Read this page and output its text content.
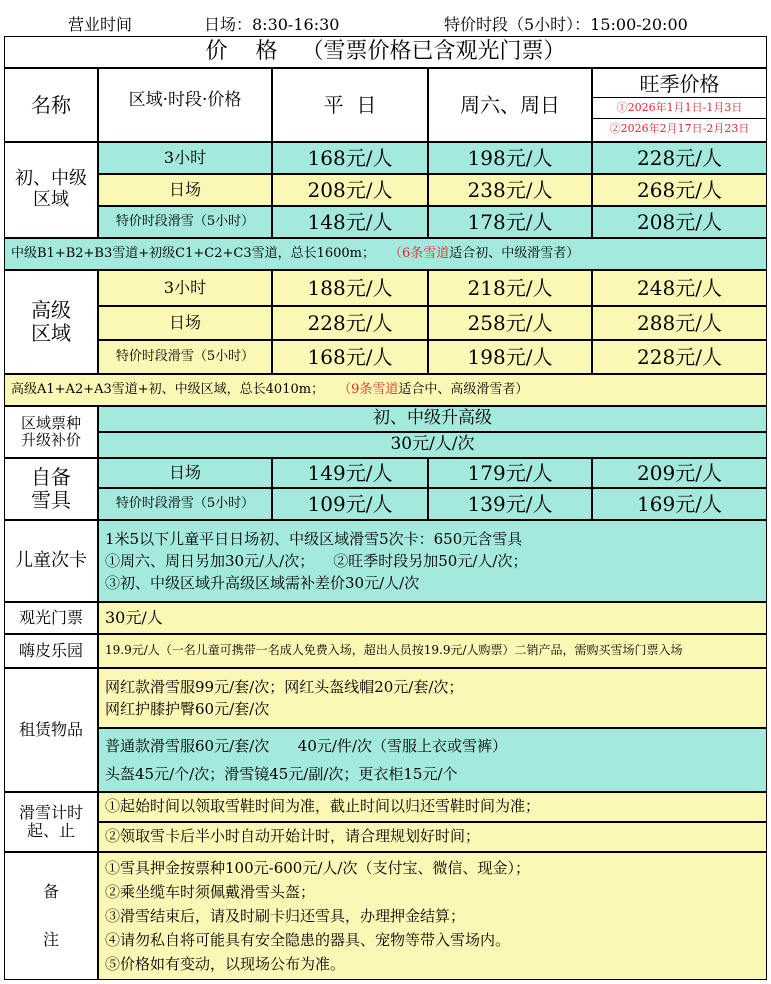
营业时间	日场：8:30-16:30	特价时段（5小时）：15:00-20:00
价    格 （雪票价格已含观光门票）
名称	区域·时段·价格	平  日	周六、周日
旺季价格
①2026年1月1日-1月3日
②2026年2月17日-2月23日
初、中级
区域
3小时	168元/人	198元/人	228元/人
日场	208元/人	238元/人	268元/人
特价时段滑雪（5小时）	148元/人	178元/人	208元/人
中级B1+B2+B3雪道+初级C1+C2+C3雪道，总长1600m； （6条雪道 适合初、中级滑雪者）
高级
区域
3小时	188元/人	218元/人	248元/人
日场	228元/人	258元/人	288元/人
特价时段滑雪（5小时）	168元/人	198元/人	228元/人
高级A1+A2+A3雪道+初、中级区域，总长4010m； （9条雪道 适合中、高级滑雪者）
区域票种
升级补价
初、中级升高级
30元/人/次
自备
雪具
日场	149元/人	179元/人	209元/人
特价时段滑雪（5小时）	109元/人	139元/人	169元/人
儿童次卡
1米5以下儿童平日日场初、中级区域滑雪5次卡：650元含雪具
①周六、周日另加30元/人/次；    ②旺季时段另加50元/人/次；
③初、中级区域升高级区域需补差价30元/人/次
观光门票	30元/人
嗨皮乐园	19.9元/人（一名儿童可携带一名成人免费入场，超出人员按19.9元/人购票）二销产品，需购买雪场门票入场
租赁物品
网红款滑雪服99元/套/次；网红头盔线帽20元/套/次；
网红护膝护臀60元/套/次
普通款滑雪服60元/套/次      40元/件/次（雪服上衣或雪裤）
头盔45元/个/次；滑雪镜45元/副/次；更衣柜15元/个
滑雪计时
起、止
①起始时间以领取雪鞋时间为准，截止时间以归还雪鞋时间为准；
②领取雪卡后半小时自动开始计时，请合理规划好时间；
备
注
①雪具押金按票种100元-600元/人/次（支付宝、微信、现金）；
②乘坐缆车时须佩戴滑雪头盔；
③滑雪结束后，请及时刷卡归还雪具，办理押金结算；
④请勿私自将可能具有安全隐患的器具、宠物等带入雪场内。
⑤价格如有变动，以现场公布为准。
